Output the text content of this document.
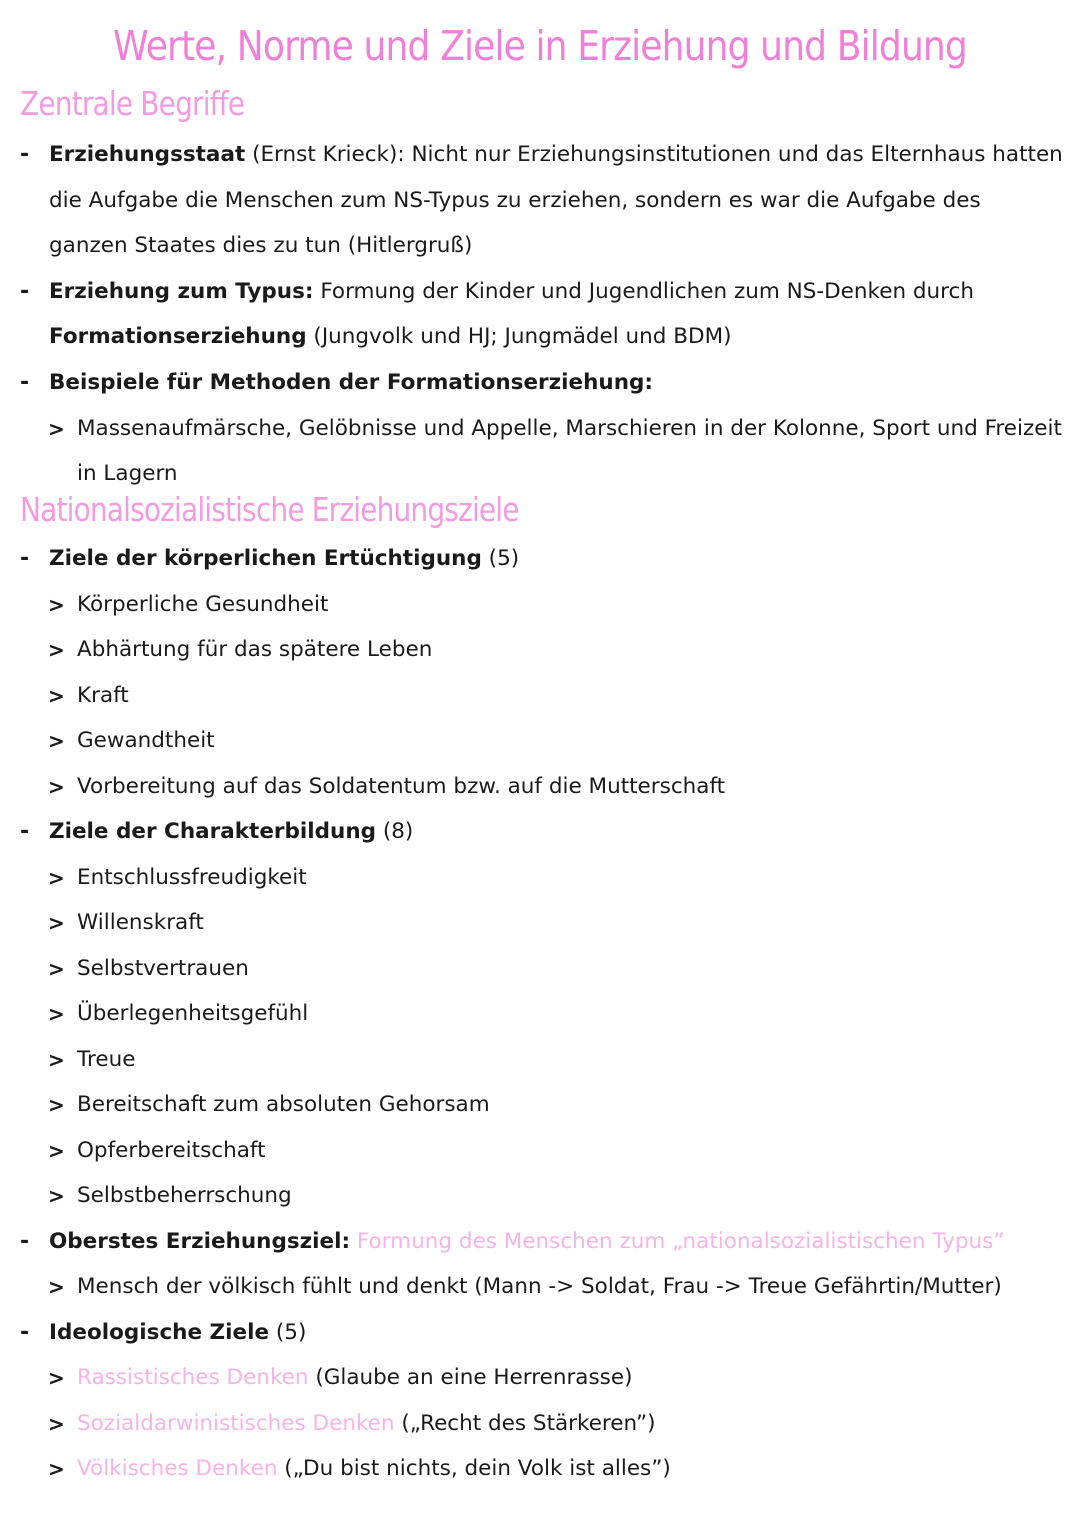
Werte, Norme und Ziele in Erziehung und Bildung
Zentrale Begriffe
- Erziehungsstaat (Ernst Krieck): Nicht nur Erziehungsinstitutionen und das Elternhaus hatten
die Aufgabe die Menschen zum NS-Typus zu erziehen, sondern es war die Aufgabe des
ganzen Staates dies zu tun (Hitlergruß)
- Erziehung zum Typus: Formung der Kinder und Jugendlichen zum NS-Denken durch
Formationserziehung (Jungvolk und HJ; Jungmädel und BDM)
- Beispiele für Methoden der Formationserziehung:
> Massenaufmärsche, Gelöbnisse und Appelle, Marschieren in der Kolonne, Sport und Freizeit
in Lagern
Nationalsozialistische Erziehungsziele
- Ziele der körperlichen Ertüchtigung (5)
> Körperliche Gesundheit
> Abhärtung für das spätere Leben
> Kraft
> Gewandtheit
> Vorbereitung auf das Soldatentum bzw. auf die Mutterschaft
- Ziele der Charakterbildung (8)
> Entschlussfreudigkeit
> Willenskraft
> Selbstvertrauen
> Überlegenheitsgefühl
> Treue
> Bereitschaft zum absoluten Gehorsam
> Opferbereitschaft
> Selbstbeherrschung
- Oberstes Erziehungsziel: Formung des Menschen zum „nationalsozialistischen Typus”
> Mensch der völkisch fühlt und denkt (Mann -> Soldat, Frau -> Treue Gefährtin/Mutter)
- Ideologische Ziele (5)
> Rassistisches Denken (Glaube an eine Herrenrasse)
> Sozialdarwinistisches Denken („Recht des Stärkeren”)
> Völkisches Denken („Du bist nichts, dein Volk ist alles”)
